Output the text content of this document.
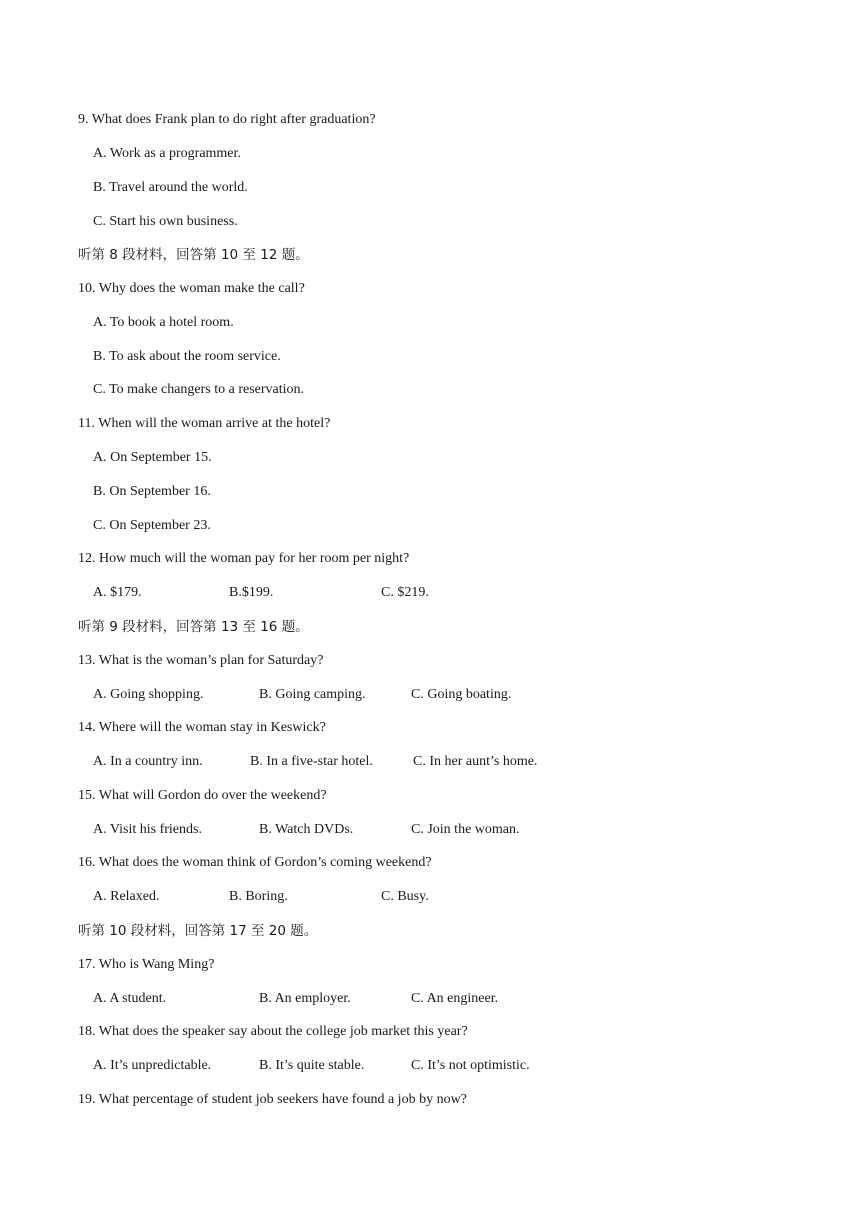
9. What does Frank plan to do right after graduation?
A. Work as a programmer.
B. Travel around the world.
C. Start his own business.
听第 8 段材料，回答第 10 至 12 题。
10. Why does the woman make the call?
A. To book a hotel room.
B. To ask about the room service.
C. To make changers to a reservation.
11. When will the woman arrive at the hotel?
A. On September 15.
B. On September 16.
C. On September 23.
12. How much will the woman pay for her room per night?
A. $179.	B.$199.	C. $219.
听第 9 段材料，回答第 13 至 16 题。
13. What is the woman’s plan for Saturday?
A. Going shopping.	B. Going camping.	C. Going boating.
14. Where will the woman stay in Keswick?
A. In a country inn.	B. In a five-star hotel.	C. In her aunt’s home.
15. What will Gordon do over the weekend?
A. Visit his friends.	B. Watch DVDs.	C. Join the woman.
16. What does the woman think of Gordon’s coming weekend?
A. Relaxed.	B. Boring.	C. Busy.
听第 10 段材料，回答第 17 至 20 题。
17. Who is Wang Ming?
A. A student.	B. An employer.	C. An engineer.
18. What does the speaker say about the college job market this year?
A. It’s unpredictable.	B. It’s quite stable.	C. It’s not optimistic.
19. What percentage of student job seekers have found a job by now?
